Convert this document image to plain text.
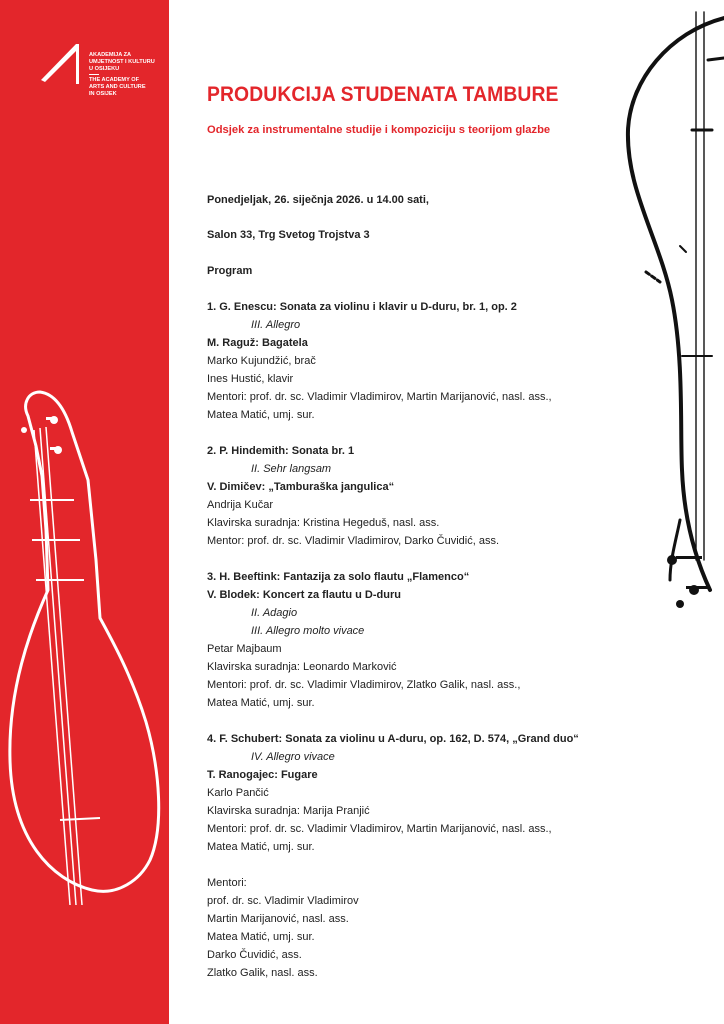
AKADEMIJA ZA
UMJETNOST I KULTURU
U OSIJEKU
THE ACADEMY OF
ARTS AND CULTURE
IN OSIJEK	PRODUKCIJA STUDENATA TAMBURE
Odsjek za instrumentalne studije i kompoziciju s teorijom glazbe
Ponedjeljak, 26. siječnja 2026. u 14.00 sati,
Salon 33, Trg Svetog Trojstva 3
Program
1. G. Enescu: Sonata za violinu i klavir u D-duru, br. 1, op. 2
III. Allegro
M. Raguž: Bagatela
Marko Kujundžić, brač
Ines Hustić, klavir
Mentori: prof. dr. sc. Vladimir Vladimirov, Martin Marijanović, nasl. ass.,
Matea Matić, umj. sur.
2. P. Hindemith: Sonata br. 1
II. Sehr langsam
V. Dimičev: „Tamburaška jangulica“
Andrija Kučar
Klavirska suradnja: Kristina Hegeduš, nasl. ass.
Mentor: prof. dr. sc. Vladimir Vladimirov, Darko Čuvidić, ass.
3. H. Beeftink: Fantazija za solo flautu „Flamenco“
V. Blodek: Koncert za flautu u D-duru
II. Adagio
III. Allegro molto vivace
Petar Majbaum
Klavirska suradnja: Leonardo Marković
Mentori: prof. dr. sc. Vladimir Vladimirov, Zlatko Galik, nasl. ass.,
Matea Matić, umj. sur.
4. F. Schubert: Sonata za violinu u A-duru, op. 162, D. 574, „Grand duo“
IV. Allegro vivace
T. Ranogajec: Fugare
Karlo Pančić
Klavirska suradnja: Marija Pranjić
Mentori: prof. dr. sc. Vladimir Vladimirov, Martin Marijanović, nasl. ass.,
Matea Matić, umj. sur.
Mentori:
prof. dr. sc. Vladimir Vladimirov
Martin Marijanović, nasl. ass.
Matea Matić, umj. sur.
Darko Čuvidić, ass.
Zlatko Galik, nasl. ass.
